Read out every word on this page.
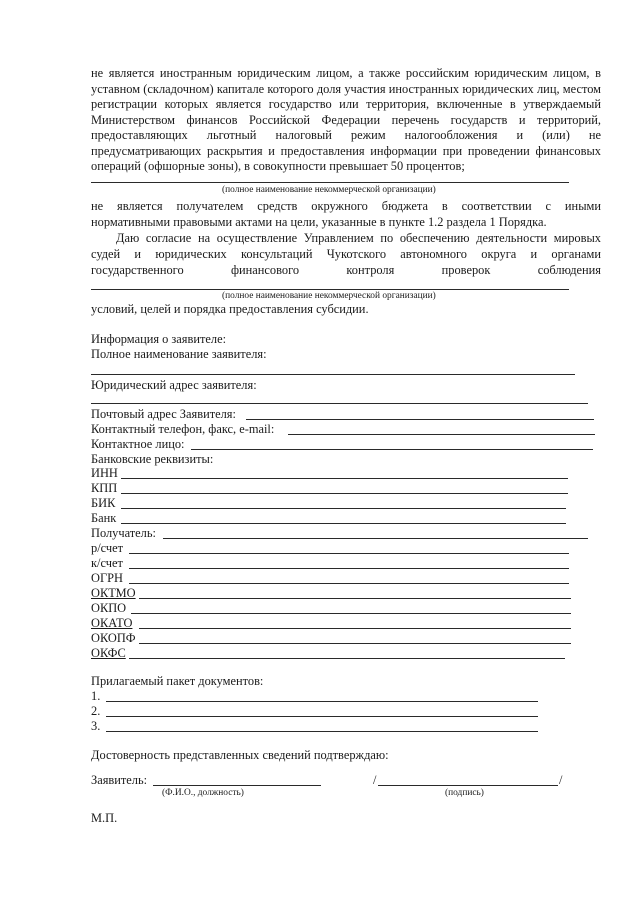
не является иностранным юридическим лицом, а также российским юридическим лицом, в уставном (складочном) капитале которого доля участия иностранных юридических лиц, местом регистрации которых является государство или территория, включенные в утверждаемый Министерством финансов Российской Федерации перечень государств и территорий, предоставляющих льготный налоговый режим налогообложения и (или) не предусматривающих раскрытия и предоставления информации при проведении финансовых операций (офшорные зоны), в совокупности превышает 50 процентов;
(полное наименование некоммерческой организации)
не является получателем средств окружного бюджета в соответствии с иными
нормативными правовыми актами на цели, указанные в пункте 1.2 раздела 1 Порядка.
Даю согласие на осуществление Управлением по обеспечению деятельности мировых
судей и юридических консультаций Чукотского автономного округа и органами
государственного финансового контроля проверок соблюдения
(полное наименование некоммерческой организации)
условий, целей и порядка предоставления субсидии.
Информация о заявителе:
Полное наименование заявителя:
Юридический адрес заявителя:
Почтовый адрес Заявителя:
Контактный телефон, факс, e-mail:
Контактное лицо:
Банковские реквизиты:
ИНН
КПП
БИК
Банк
Получатель:
р/счет
к/счет
ОГРН
ОКТМО
ОКПО
ОКАТО
ОКОПФ
ОКФС
Прилагаемый пакет документов:
1.
2.
3.
Достоверность представленных сведений подтверждаю:
Заявитель:	/	/
(Ф.И.О., должность)	(подпись)
М.П.
